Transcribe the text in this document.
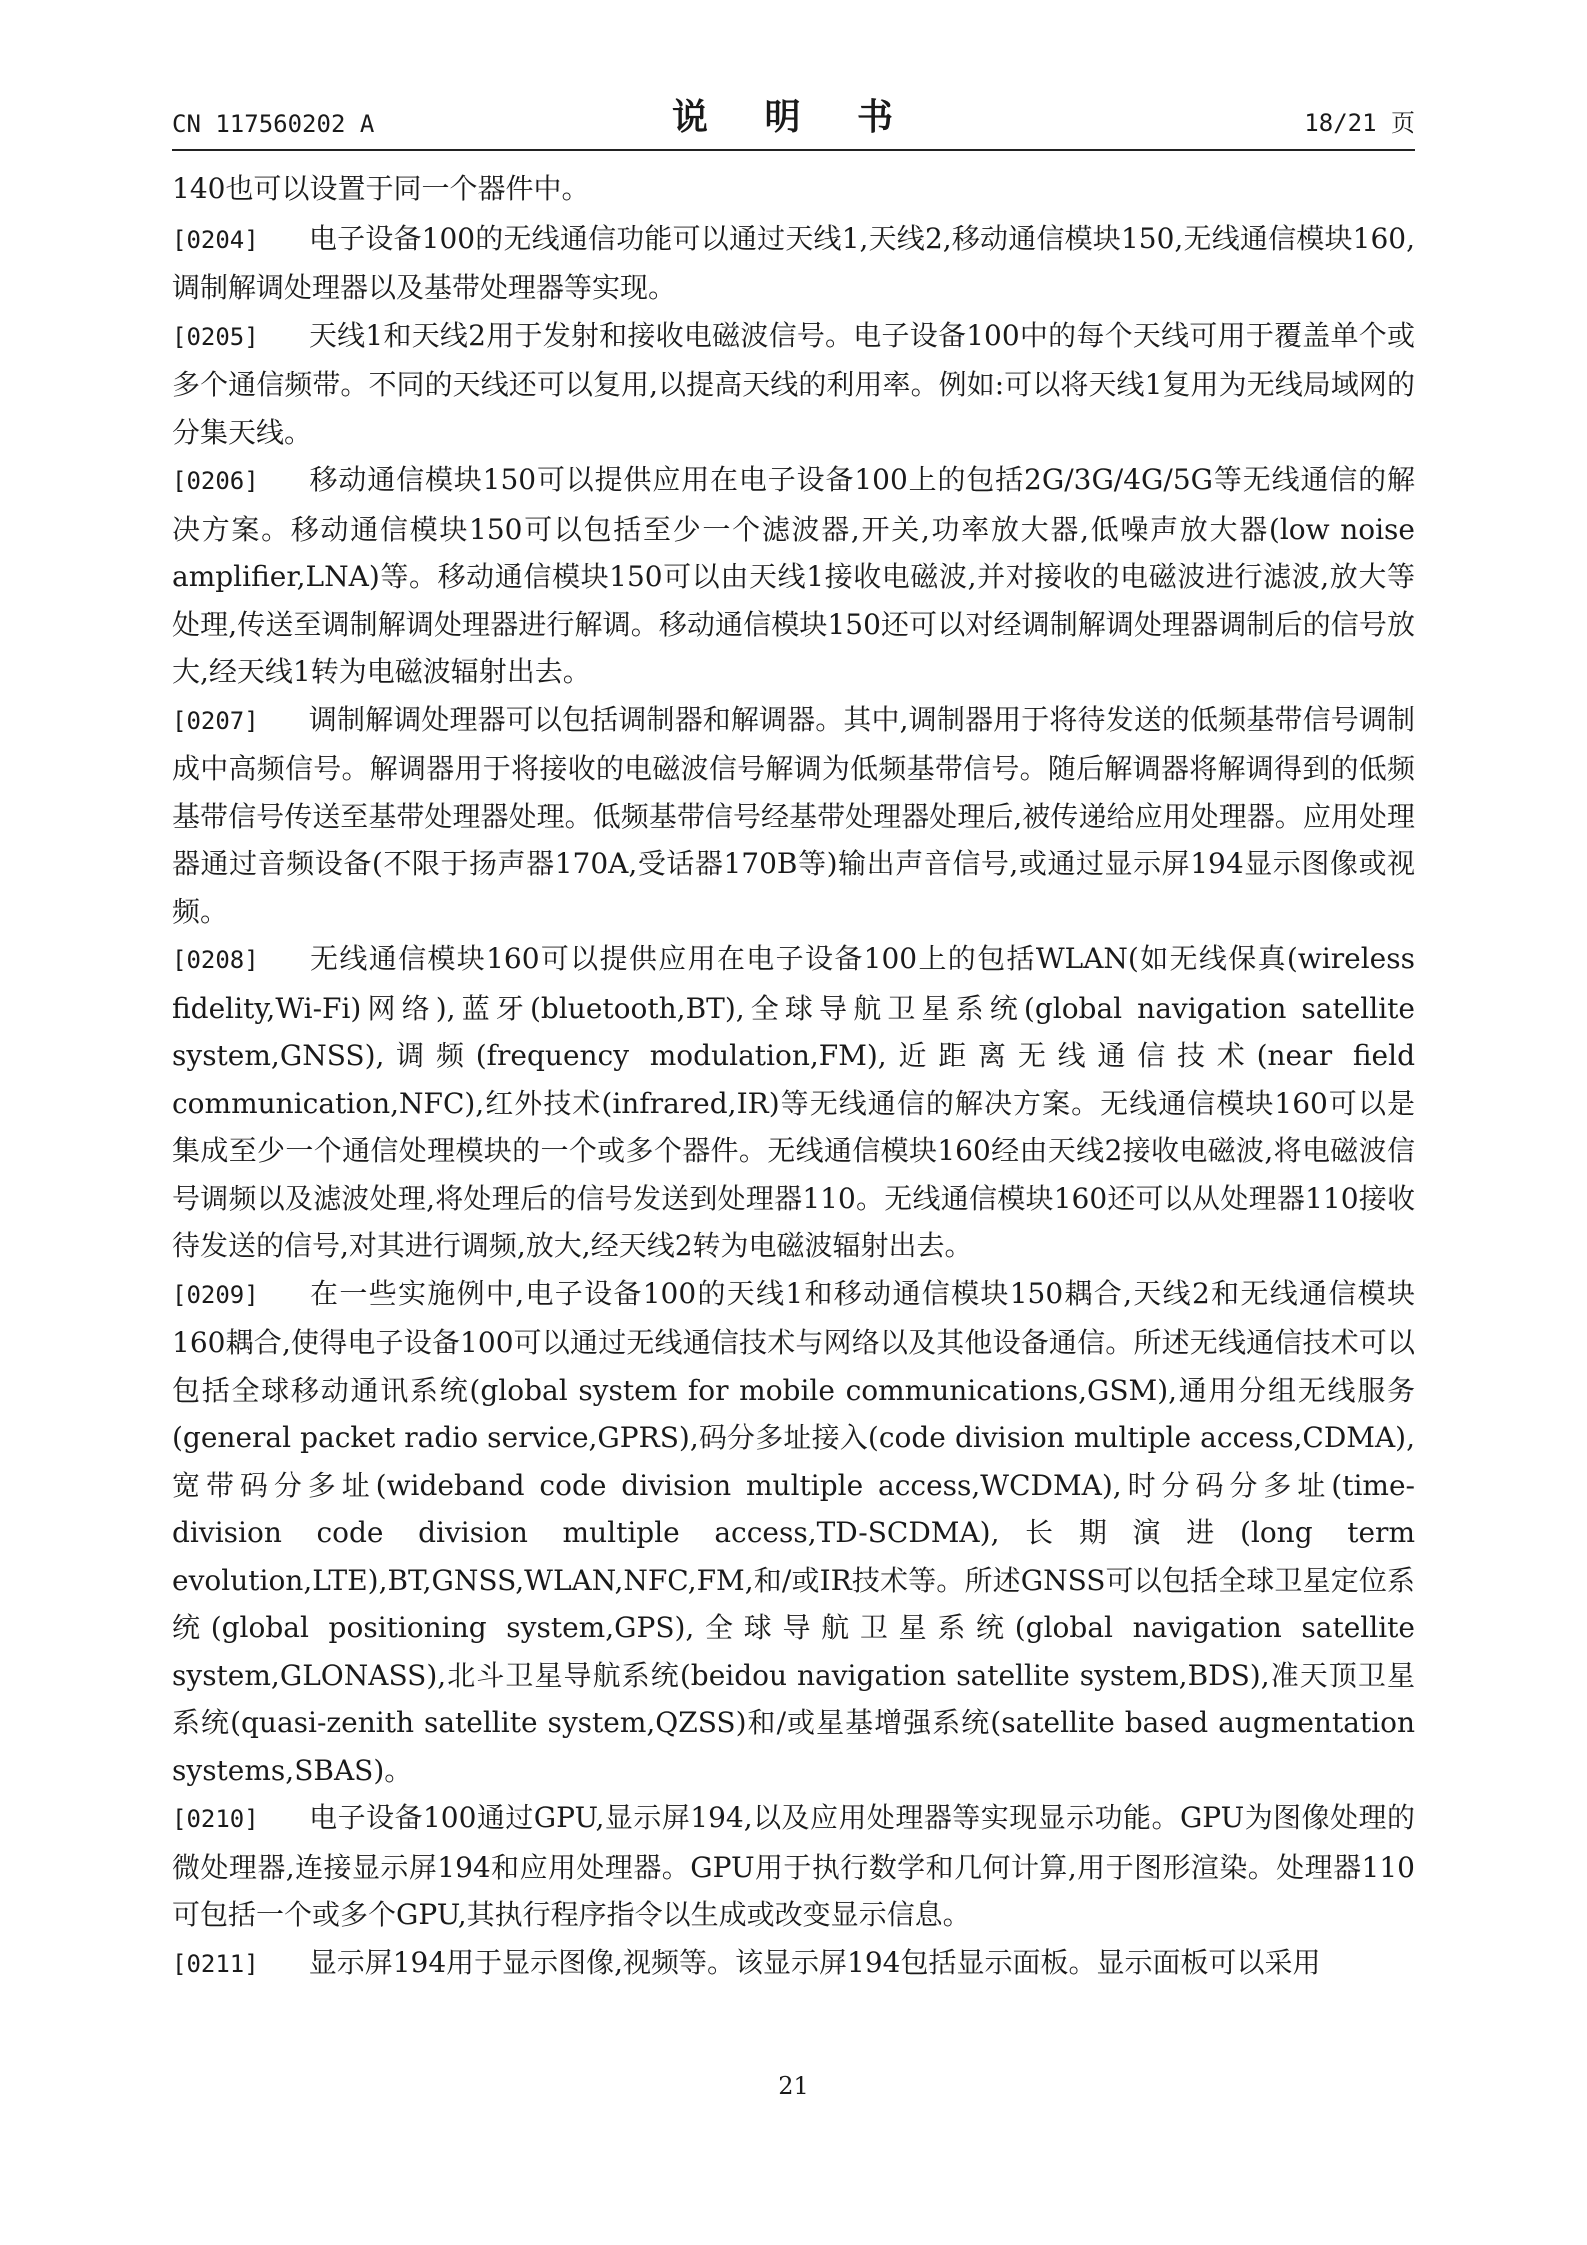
CN 117560202 A	说 明 书	18/21 页

140也可以设置于同一个器件中。

[0204] 电子设备100的无线通信功能可以通过天线1,天线2,移动通信模块150,无线通信模块160,调制解调处理器以及基带处理器等实现。

[0205] 天线1和天线2用于发射和接收电磁波信号。电子设备100中的每个天线可用于覆盖单个或多个通信频带。不同的天线还可以复用,以提高天线的利用率。例如:可以将天线1复用为无线局域网的分集天线。

[0206] 移动通信模块150可以提供应用在电子设备100上的包括2G/3G/4G/5G等无线通信的解决方案。移动通信模块150可以包括至少一个滤波器,开关,功率放大器,低噪声放大器(low noise amplifier,LNA)等。移动通信模块150可以由天线1接收电磁波,并对接收的电磁波进行滤波,放大等处理,传送至调制解调处理器进行解调。移动通信模块150还可以对经调制解调处理器调制后的信号放大,经天线1转为电磁波辐射出去。

[0207] 调制解调处理器可以包括调制器和解调器。其中,调制器用于将待发送的低频基带信号调制成中高频信号。解调器用于将接收的电磁波信号解调为低频基带信号。随后解调器将解调得到的低频基带信号传送至基带处理器处理。低频基带信号经基带处理器处理后,被传递给应用处理器。应用处理器通过音频设备(不限于扬声器170A,受话器170B等)输出声音信号,或通过显示屏194显示图像或视频。

[0208] 无线通信模块160可以提供应用在电子设备100上的包括WLAN(如无线保真(wireless fidelity,Wi-Fi)网络),蓝牙(bluetooth,BT),全球导航卫星系统(global navigation satellite system,GNSS),调频(frequency modulation,FM),近距离无线通信技术(near field communication,NFC),红外技术(infrared,IR)等无线通信的解决方案。无线通信模块160可以是集成至少一个通信处理模块的一个或多个器件。无线通信模块160经由天线2接收电磁波,将电磁波信号调频以及滤波处理,将处理后的信号发送到处理器110。无线通信模块160还可以从处理器110接收待发送的信号,对其进行调频,放大,经天线2转为电磁波辐射出去。

[0209] 在一些实施例中,电子设备100的天线1和移动通信模块150耦合,天线2和无线通信模块160耦合,使得电子设备100可以通过无线通信技术与网络以及其他设备通信。所述无线通信技术可以包括全球移动通讯系统(global system for mobile communications,GSM),通用分组无线服务(general packet radio service,GPRS),码分多址接入(code division multiple access,CDMA),宽带码分多址(wideband code division multiple access,WCDMA),时分码分多址(time-division code division multiple access,TD-SCDMA),长期演进(long term evolution,LTE),BT,GNSS,WLAN,NFC,FM,和/或IR技术等。所述GNSS可以包括全球卫星定位系统(global positioning system,GPS),全球导航卫星系统(global navigation satellite system,GLONASS),北斗卫星导航系统(beidou navigation satellite system,BDS),准天顶卫星系统(quasi-zenith satellite system,QZSS)和/或星基增强系统(satellite based augmentation systems,SBAS)。

[0210] 电子设备100通过GPU,显示屏194,以及应用处理器等实现显示功能。GPU为图像处理的微处理器,连接显示屏194和应用处理器。GPU用于执行数学和几何计算,用于图形渲染。处理器110可包括一个或多个GPU,其执行程序指令以生成或改变显示信息。

[0211] 显示屏194用于显示图像,视频等。该显示屏194包括显示面板。显示面板可以采用

21
